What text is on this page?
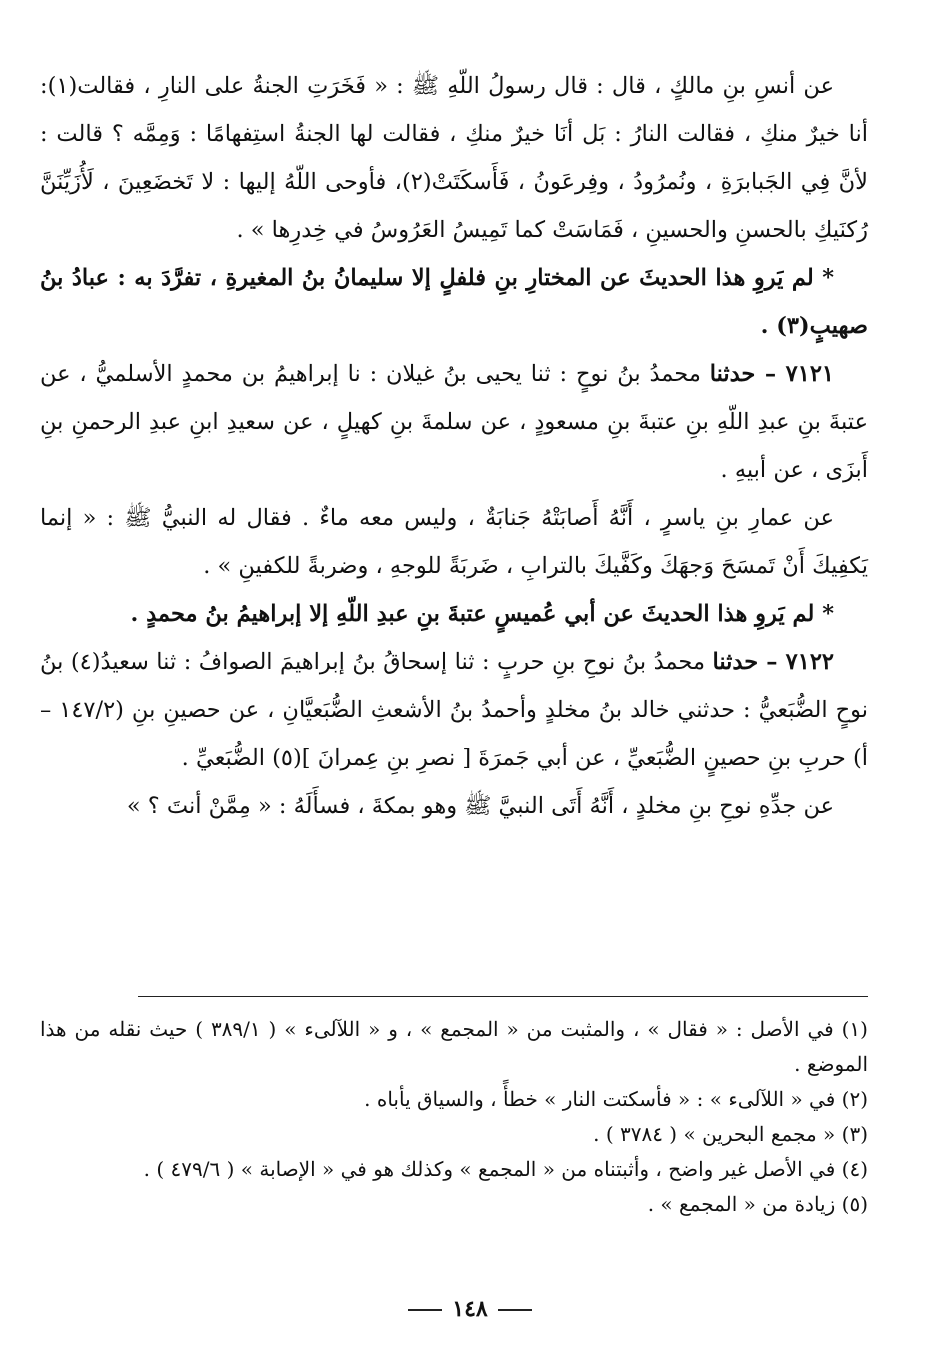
عن أنسِ بنِ مالكٍ ، قال : قال رسولُ اللّهِ ﷺ : « فَخَرَتِ الجنةُ على النارِ ، فقالت(١): أنا خيرٌ منكِ ، فقالت النارُ : بَل أنَا خيرٌ منكِ ، فقالت لها الجنةُ استِفهامًا : وَمِمَّه ؟ قالت : لأنَّ فِي الجَبابرَةِ ، ونُمرُودُ ، وفِرعَونُ ، فَأَسكَتَتْ(٢)، فأوحى اللّهُ إليها : لا تَخضَعِينَ ، لَأُزَيِّنَنَّ رُكنَيكِ بالحسنِ والحسينِ ، فَمَاسَتْ كما تَمِيسُ العَرُوسُ في خِدرِها » .

* لم يَروِ هذا الحديثَ عن المختارِ بنِ فلفلٍ إلا سليمانُ بنُ المغيرةِ ، تفرَّدَ به : عبادُ بنُ صهيبٍ(٣) .

٧١٢١ – حدثنا محمدُ بنُ نوحٍ : ثنا يحيى بنُ غيلان : نا إبراهيمُ بن محمدٍ الأسلميُّ ، عن عتبةَ بنِ عبدِ اللّهِ بنِ عتبةَ بنِ مسعودٍ ، عن سلمةَ بنِ كهيلٍ ، عن سعيدِ ابنِ عبدِ الرحمنِ بنِ أَبزَى ، عن أبيهِ .

عن عمارِ بنِ ياسرٍ ، أَنَّهُ أَصابَتْهُ جَنابَةٌ ، وليس معه ماءٌ . فقال له النبيُّ ﷺ : « إنما يَكفِيكَ أَنْ تَمسَحَ وَجهَكَ وكَفَّيكَ بالترابِ ، ضَربَةً للوجهِ ، وضربةً للكفينِ » .

* لم يَروِ هذا الحديثَ عن أبي عُميسٍ عتبةَ بنِ عبدِ اللّهِ إلا إبراهيمُ بنُ محمدٍ .

٧١٢٢ – حدثنا محمدُ بنُ نوحِ بنِ حربٍ : ثنا إسحاقُ بنُ إبراهيمَ الصوافُ : ثنا سعيدُ(٤) بنُ نوحٍ الضُّبَعيُّ : حدثني خالد بنُ مخلدٍ وأحمدُ بنُ الأشعثِ الضُّبَعيَّانِ ، عن حصينِ بنِ (١٤٧/٢ – أ) حربِ بنِ حصينٍ الضُّبَعيِّ ، عن أبي جَمرَةَ [ نصرِ بنِ عِمرانَ ](٥) الضُّبَعيِّ .

عن جدِّهِ نوحِ بنِ مخلدٍ ، أَنَّهُ أَتَى النبيَّ ﷺ وهو بمكةَ ، فسأَلَهُ : « مِمَّنْ أنتَ ؟ »

(١) في الأصل : « فقال » ، والمثبت من « المجمع » ، و « اللآلىء » ( ٣٨٩/١ ) حيث نقله من هذا الموضع .

(٢) في « اللآلىء » : « فأسكتت النار » خطأً ، والسياق يأباه .

(٣) « مجمع البحرين » ( ٣٧٨٤ ) .

(٤) في الأصل غير واضح ، وأثبتناه من « المجمع » وكذلك هو في « الإصابة » ( ٤٧٩/٦ ) .

(٥) زيادة من « المجمع » .

١٤٨
